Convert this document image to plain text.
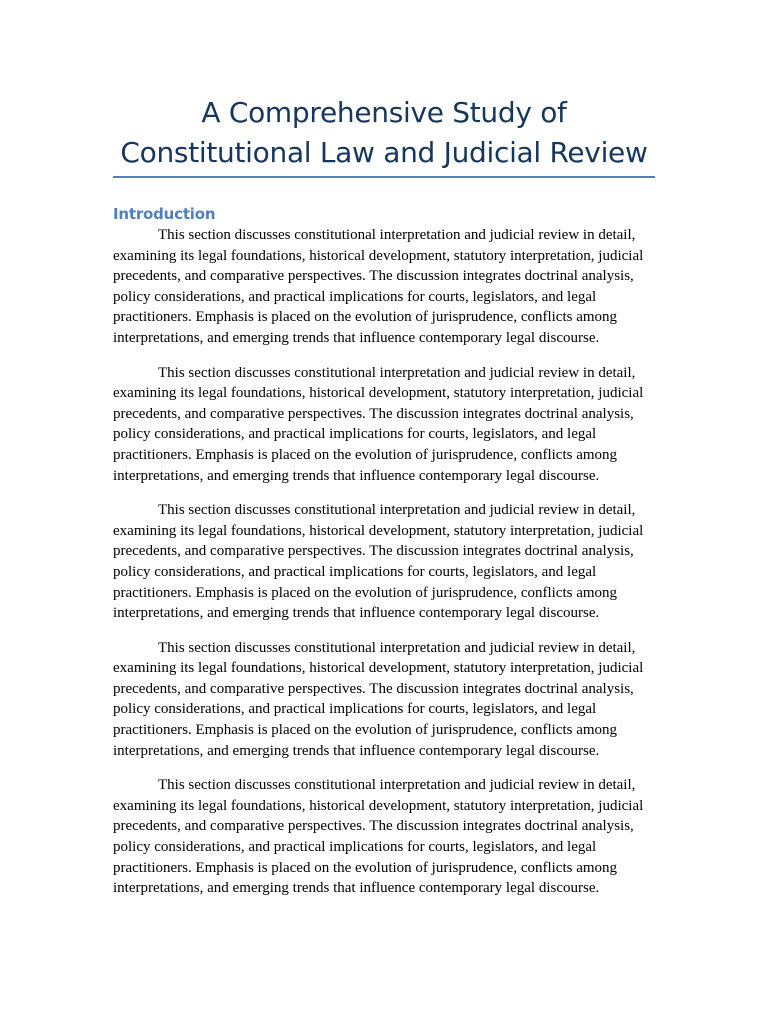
A Comprehensive Study of
Constitutional Law and Judicial Review
Introduction

This section discusses constitutional interpretation and judicial review in detail, examining its legal foundations, historical development, statutory interpretation, judicial precedents, and comparative perspectives. The discussion integrates doctrinal analysis, policy considerations, and practical implications for courts, legislators, and legal practitioners. Emphasis is placed on the evolution of jurisprudence, conflicts among interpretations, and emerging trends that influence contemporary legal discourse.

This section discusses constitutional interpretation and judicial review in detail, examining its legal foundations, historical development, statutory interpretation, judicial precedents, and comparative perspectives. The discussion integrates doctrinal analysis, policy considerations, and practical implications for courts, legislators, and legal practitioners. Emphasis is placed on the evolution of jurisprudence, conflicts among interpretations, and emerging trends that influence contemporary legal discourse.

This section discusses constitutional interpretation and judicial review in detail, examining its legal foundations, historical development, statutory interpretation, judicial precedents, and comparative perspectives. The discussion integrates doctrinal analysis, policy considerations, and practical implications for courts, legislators, and legal practitioners. Emphasis is placed on the evolution of jurisprudence, conflicts among interpretations, and emerging trends that influence contemporary legal discourse.

This section discusses constitutional interpretation and judicial review in detail, examining its legal foundations, historical development, statutory interpretation, judicial precedents, and comparative perspectives. The discussion integrates doctrinal analysis, policy considerations, and practical implications for courts, legislators, and legal practitioners. Emphasis is placed on the evolution of jurisprudence, conflicts among interpretations, and emerging trends that influence contemporary legal discourse.

This section discusses constitutional interpretation and judicial review in detail, examining its legal foundations, historical development, statutory interpretation, judicial precedents, and comparative perspectives. The discussion integrates doctrinal analysis, policy considerations, and practical implications for courts, legislators, and legal practitioners. Emphasis is placed on the evolution of jurisprudence, conflicts among interpretations, and emerging trends that influence contemporary legal discourse.
